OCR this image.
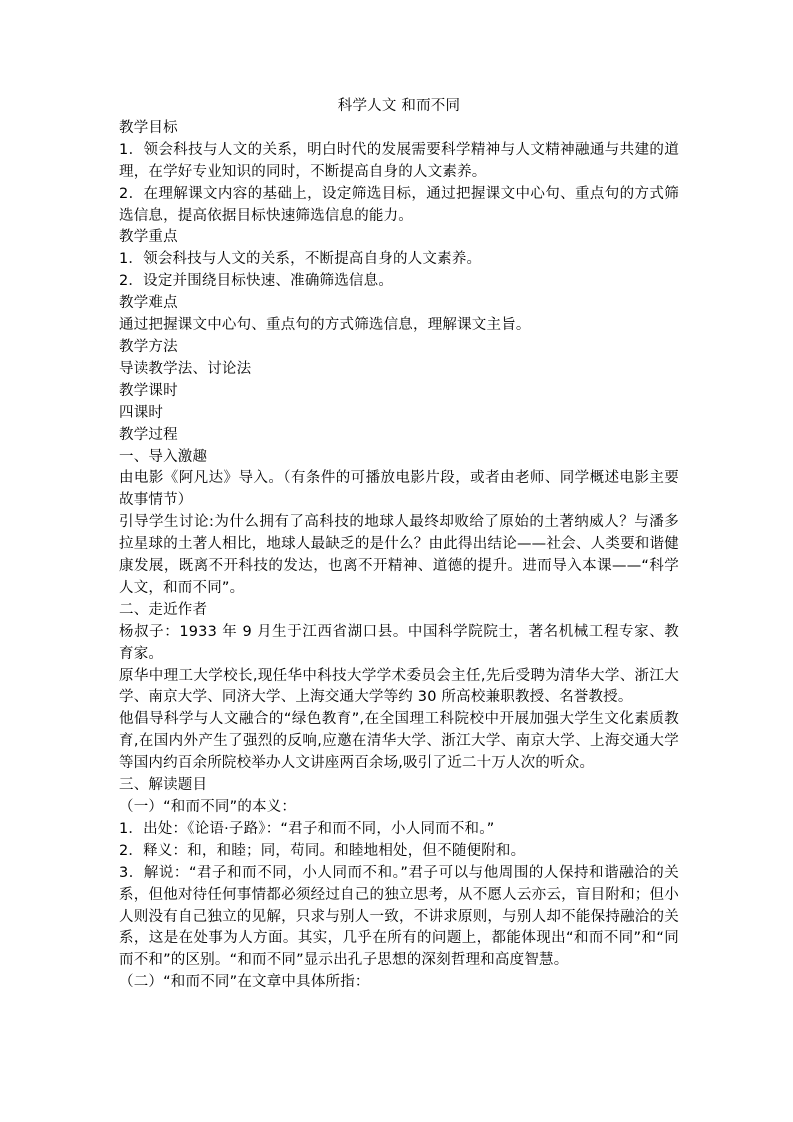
科学人文 和而不同

教学目标

1．领会科技与人文的关系，明白时代的发展需要科学精神与人文精神融通与共建的道理，在学好专业知识的同时，不断提高自身的人文素养。

2．在理解课文内容的基础上，设定筛选目标，通过把握课文中心句、重点句的方式筛选信息，提高依据目标快速筛选信息的能力。

教学重点

1．领会科技与人文的关系，不断提高自身的人文素养。

2．设定并围绕目标快速、准确筛选信息。

教学难点

通过把握课文中心句、重点句的方式筛选信息，理解课文主旨。

教学方法

导读教学法、讨论法

教学课时

四课时

教学过程

一、导入激趣

由电影《阿凡达》导入。（有条件的可播放电影片段，或者由老师、同学概述电影主要故事情节）

引导学生讨论:为什么拥有了高科技的地球人最终却败给了原始的土著纳威人？与潘多拉星球的土著人相比，地球人最缺乏的是什么？由此得出结论——社会、人类要和谐健康发展，既离不开科技的发达，也离不开精神、道德的提升。进而导入本课——“科学人文，和而不同”。

二、走近作者

杨叔子：1933 年 9 月生于江西省湖口县。中国科学院院士，著名机械工程专家、教育家。

原华中理工大学校长,现任华中科技大学学术委员会主任,先后受聘为清华大学、浙江大学、南京大学、同济大学、上海交通大学等约 30 所高校兼职教授、名誉教授。

他倡导科学与人文融合的“绿色教育”,在全国理工科院校中开展加强大学生文化素质教育,在国内外产生了强烈的反响,应邀在清华大学、浙江大学、南京大学、上海交通大学等国内约百余所院校举办人文讲座两百余场,吸引了近二十万人次的听众。

三、解读题目

（一）“和而不同”的本义：

1．出处：《论语·子路》：“君子和而不同，小人同而不和。”

2．释义：和，和睦；同，苟同。和睦地相处，但不随便附和。

3．解说：“君子和而不同，小人同而不和。”君子可以与他周围的人保持和谐融洽的关系，但他对待任何事情都必须经过自己的独立思考，从不愿人云亦云，盲目附和；但小人则没有自己独立的见解，只求与别人一致，不讲求原则，与别人却不能保持融洽的关系，这是在处事为人方面。其实，几乎在所有的问题上，都能体现出“和而不同”和“同而不和”的区别。“和而不同”显示出孔子思想的深刻哲理和高度智慧。

（二）“和而不同”在文章中具体所指：
